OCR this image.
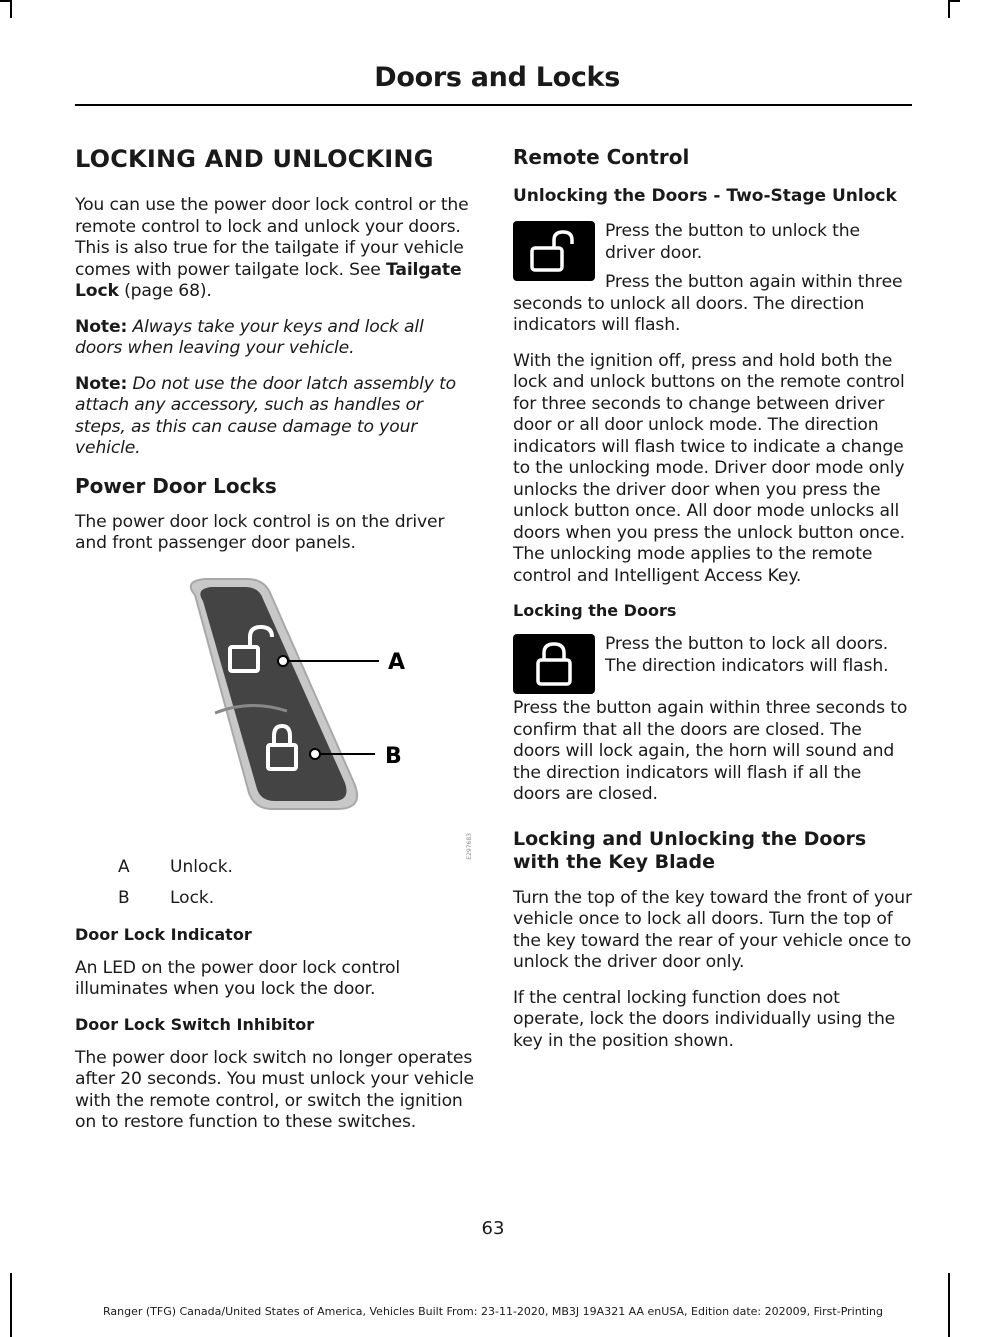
Doors and Locks
LOCKING AND UNLOCKING

You can use the power door lock control or the remote control to lock and unlock your doors. This is also true for the tailgate if your vehicle comes with power tailgate lock. See Tailgate Lock (page 68).

Note: Always take your keys and lock all doors when leaving your vehicle.

Note: Do not use the door latch assembly to attach any accessory, such as handles or steps, as this can cause damage to your vehicle.

Power Door Locks

The power door lock control is on the driver and front passenger door panels.

A
B
E297683
A	Unlock.
B	Lock.
Door Lock Indicator

An LED on the power door lock control illuminates when you lock the door.

Door Lock Switch Inhibitor

The power door lock switch no longer operates after 20 seconds. You must unlock your vehicle with the remote control, or switch the ignition on to restore function to these switches.

Remote Control
Unlocking the Doors - Two-Stage Unlock

Press the button to unlock the driver door.

Press the button again within three seconds to unlock all doors. The direction indicators will flash.

With the ignition off, press and hold both the lock and unlock buttons on the remote control for three seconds to change between driver door or all door unlock mode. The direction indicators will flash twice to indicate a change to the unlocking mode. Driver door mode only unlocks the driver door when you press the unlock button once. All door mode unlocks all doors when you press the unlock button once. The unlocking mode applies to the remote control and Intelligent Access Key.

Locking the Doors

Press the button to lock all doors. The direction indicators will flash.

Press the button again within three seconds to confirm that all the doors are closed. The doors will lock again, the horn will sound and the direction indicators will flash if all the doors are closed.

Locking and Unlocking the Doors with the Key Blade

Turn the top of the key toward the front of your vehicle once to lock all doors. Turn the top of the key toward the rear of your vehicle once to unlock the driver door only.

If the central locking function does not operate, lock the doors individually using the key in the position shown.

63
Ranger (TFG) Canada/United States of America, Vehicles Built From: 23-11-2020, MB3J 19A321 AA enUSA, Edition date: 202009, First-Printing
